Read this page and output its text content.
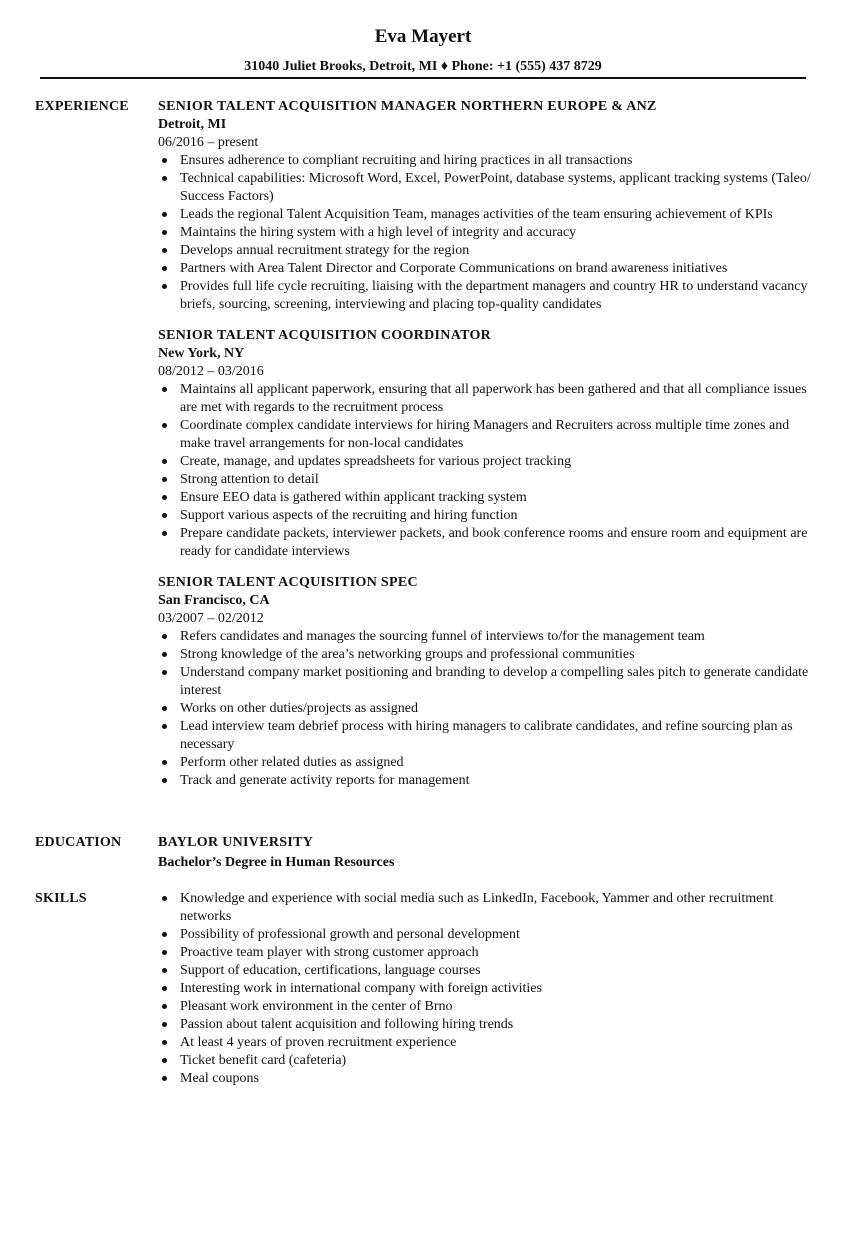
Eva Mayert
31040 Juliet Brooks, Detroit, MI ♦ Phone: +1 (555) 437 8729
EXPERIENCE	SENIOR TALENT ACQUISITION MANAGER NORTHERN EUROPE & ANZ
Detroit, MI
06/2016 – present
Ensures adherence to compliant recruiting and hiring practices in all transactions
Technical capabilities: Microsoft Word, Excel, PowerPoint, database systems, applicant tracking systems (Taleo/ Success Factors)
Leads the regional Talent Acquisition Team, manages activities of the team ensuring achievement of KPIs
Maintains the hiring system with a high level of integrity and accuracy
Develops annual recruitment strategy for the region
Partners with Area Talent Director and Corporate Communications on brand awareness initiatives
Provides full life cycle recruiting, liaising with the department managers and country HR to understand vacancy briefs, sourcing, screening, interviewing and placing top-quality candidates
SENIOR TALENT ACQUISITION COORDINATOR
New York, NY
08/2012 – 03/2016
Maintains all applicant paperwork, ensuring that all paperwork has been gathered and that all compliance issues are met with regards to the recruitment process
Coordinate complex candidate interviews for hiring Managers and Recruiters across multiple time zones and make travel arrangements for non-local candidates
Create, manage, and updates spreadsheets for various project tracking
Strong attention to detail
Ensure EEO data is gathered within applicant tracking system
Support various aspects of the recruiting and hiring function
Prepare candidate packets, interviewer packets, and book conference rooms and ensure room and equipment are ready for candidate interviews
SENIOR TALENT ACQUISITION SPEC
San Francisco, CA
03/2007 – 02/2012
Refers candidates and manages the sourcing funnel of interviews to/for the management team
Strong knowledge of the area’s networking groups and professional communities
Understand company market positioning and branding to develop a compelling sales pitch to generate candidate interest
Works on other duties/projects as assigned
Lead interview team debrief process with hiring managers to calibrate candidates, and refine sourcing plan as necessary
Perform other related duties as assigned
Track and generate activity reports for management
EDUCATION	BAYLOR UNIVERSITY
Bachelor’s Degree in Human Resources
SKILLS	Knowledge and experience with social media such as LinkedIn, Facebook, Yammer and other recruitment networks
Possibility of professional growth and personal development
Proactive team player with strong customer approach
Support of education, certifications, language courses
Interesting work in international company with foreign activities
Pleasant work environment in the center of Brno
Passion about talent acquisition and following hiring trends
At least 4 years of proven recruitment experience
Ticket benefit card (cafeteria)
Meal coupons
